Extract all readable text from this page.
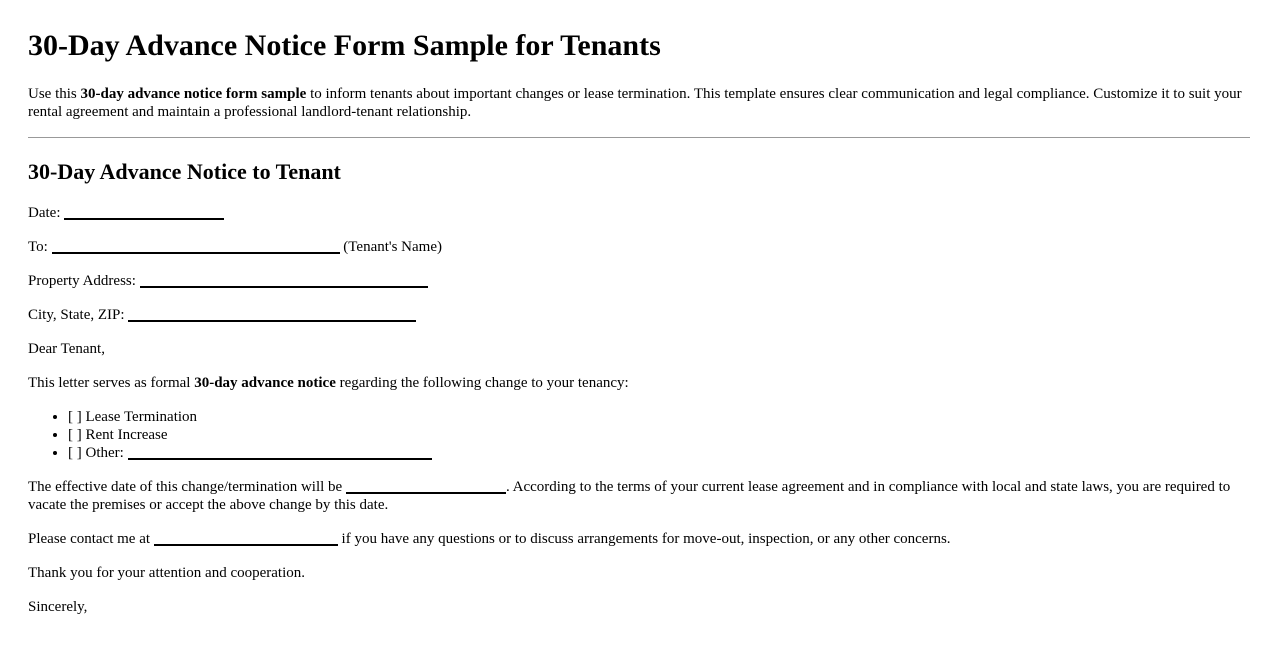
30-Day Advance Notice Form Sample for Tenants

Use this 30-day advance notice form sample to inform tenants about important changes or lease termination. This template ensures clear communication and legal compliance. Customize it to suit your rental agreement and maintain a professional landlord-tenant relationship.

30-Day Advance Notice to Tenant

Date:

To:	(Tenant's Name)

Property Address:

City, State, ZIP:

Dear Tenant,

This letter serves as formal 30-day advance notice regarding the following change to your tenancy:

• [ ] Lease Termination
• [ ] Rent Increase
• [ ] Other:

The effective date of this change/termination will be	. According to the terms of your current lease agreement and in compliance with local and state laws, you are required to vacate the premises or accept the above change by this date.

Please contact me at	if you have any questions or to discuss arrangements for move-out, inspection, or any other concerns.

Thank you for your attention and cooperation.

Sincerely,
